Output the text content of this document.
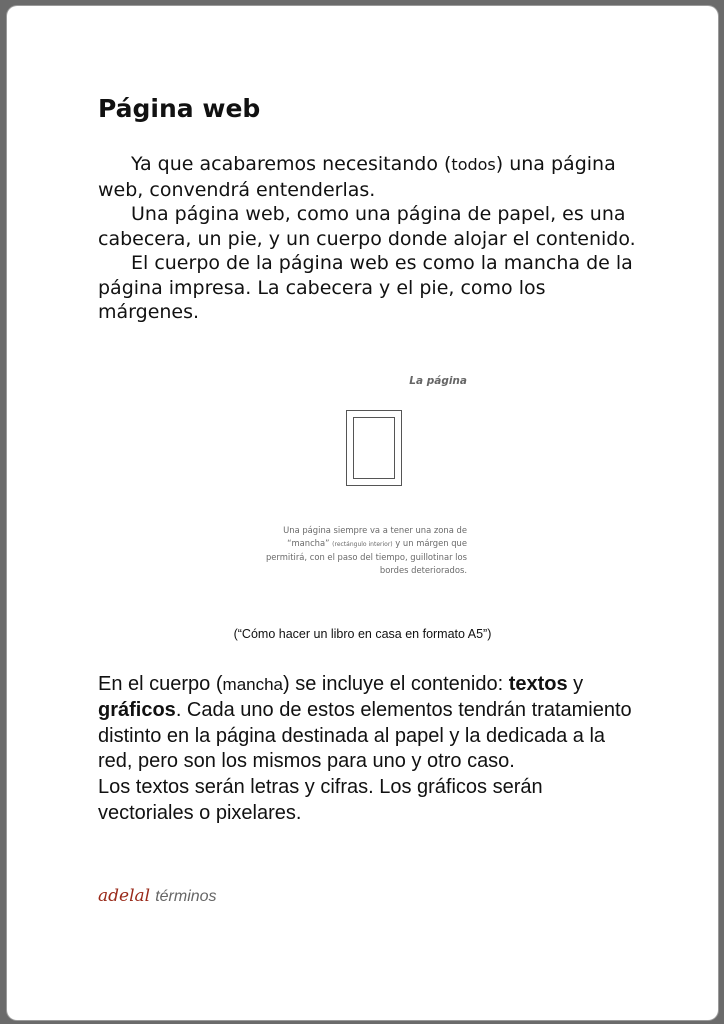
Página web

Ya que acabaremos necesitando (todos) una página web, convendrá entenderlas.

Una página web, como una página de papel, es una cabecera, un pie, y un cuerpo donde alojar el contenido.

El cuerpo de la página web es como la mancha de la página impresa. La cabecera y el pie, como los márgenes.

La página
Una página siempre va a tener una zona de
“mancha” (rectángulo interior) y un márgen que
permitirá, con el paso del tiempo, guillotinar los
bordes deteriorados.
(“Cómo hacer un libro en casa en formato A5”)

En el cuerpo (mancha) se incluye el contenido: textos y gráficos. Cada uno de estos elementos tendrán tratamiento distinto en la página destinada al papel y la dedicada a la red, pero son los mismos para uno y otro caso.

Los textos serán letras y cifras. Los gráficos serán vectoriales o pixelares.

adelal términos
